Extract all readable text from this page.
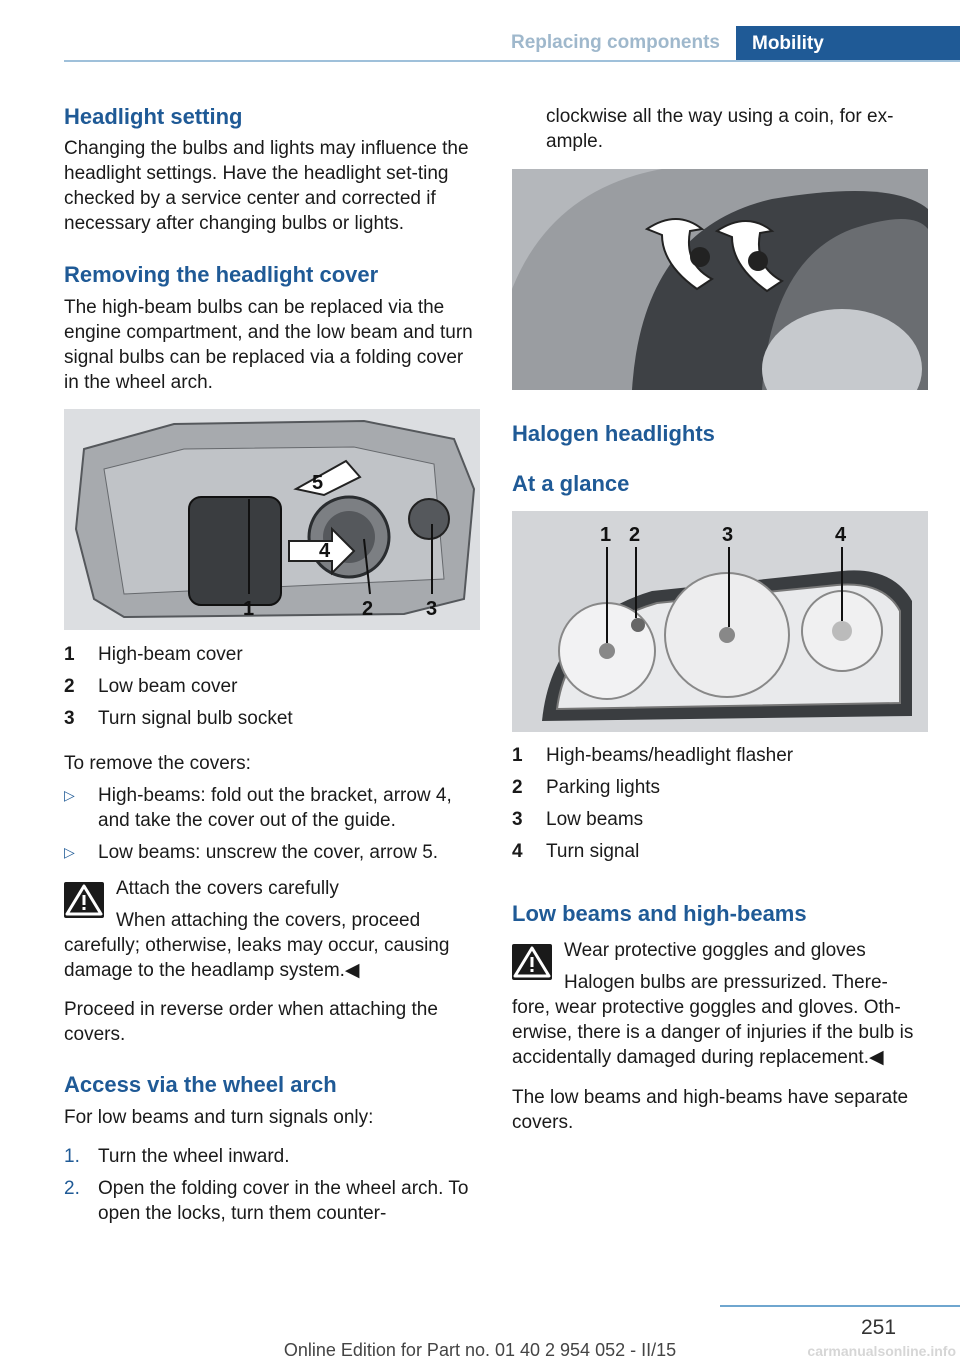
Replacing components	Mobility
Headlight setting

Changing the bulbs and lights may influence the headlight settings. Have the headlight set-ting checked by a service center and corrected if necessary after changing bulbs or lights.

Removing the headlight cover

The high-beam bulbs can be replaced via the engine compartment, and the low beam and turn signal bulbs can be replaced via a folding cover in the wheel arch.

1	2	3
4
5
1 High-beam cover
2 Low beam cover
3 Turn signal bulb socket

To remove the covers:

▷ High-beams: fold out the bracket, arrow 4, and take the cover out of the guide.
▷ Low beams: unscrew the cover, arrow 5.
Attach the covers carefully
When attaching the covers, proceed

carefully; otherwise, leaks may occur, causing damage to the headlamp system.◀

Proceed in reverse order when attaching the covers.

Access via the wheel arch

For low beams and turn signals only:

1. Turn the wheel inward.
2. Open the folding cover in the wheel arch. To open the locks, turn them counter-

clockwise all the way using a coin, for ex-ample.

Halogen headlights
At a glance
1 2	3	4
1 High-beams/headlight flasher
2 Parking lights
3 Low beams
4 Turn signal
Low beams and high-beams
Wear protective goggles and gloves
Halogen bulbs are pressurized. There-

fore, wear protective goggles and gloves. Oth-erwise, there is a danger of injuries if the bulb is accidentally damaged during replacement.◀

The low beams and high-beams have separate covers.

251
Online Edition for Part no. 01 40 2 954 052 - II/15	carmanualsonline.info
